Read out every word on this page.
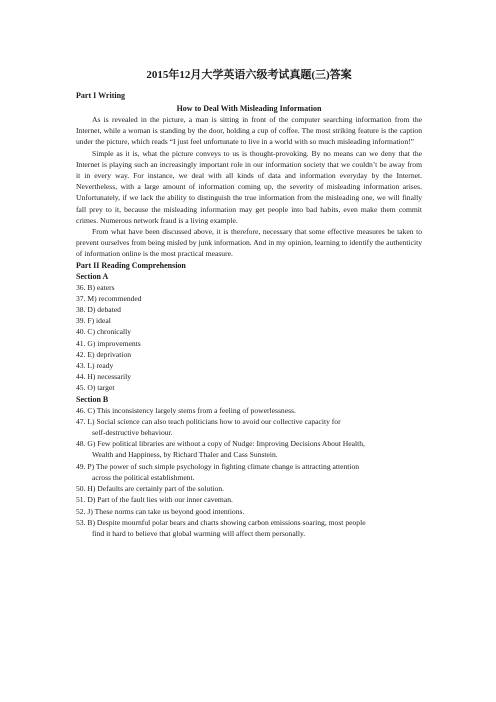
2015年12月大学英语六级考试真题(三)答案
Part I Writing
How to Deal With Misleading Information

As is revealed in the picture, a man is sitting in front of the computer searching information from the Internet, while a woman is standing by the door, holding a cup of coffee. The most striking feature is the caption under the picture, which reads “I just feel unfortunate to live in a world with so much misleading information!”

Simple as it is, what the picture conveys to us is thought-provoking. By no means can we deny that the Internet is playing such an increasingly important role in our information society that we couldn’t be away from it in every way. For instance, we deal with all kinds of data and information everyday by the Internet. Nevertheless, with a large amount of information coming up, the severity of misleading information arises. Unfortunately, if we lack the ability to distinguish the true information from the misleading one, we will finally fall prey to it, because the misleading information may get people into bad habits, even make them commit crimes. Numerous network fraud is a living example.

From what have been discussed above, it is therefore, necessary that some effective measures be taken to prevent ourselves from being misled by junk information. And in my opinion, learning to identify the authenticity of information online is the most practical measure.

Part II Reading Comprehension
Section A
36. B) eaters
37. M) recommended
38. D) debated
39. F) ideal
40. C) chronically
41. G) improvements
42. E) deprivation
43. L) ready
44. H) necessarily
45. O) target
Section B
46. C) This inconsistency largely stems from a feeling of powerlessness.
47. L) Social science can also teach politicians how to avoid our collective capacity for
self-destructive behaviour.
48. G) Few political libraries are without a copy of Nudge: Improving Decisions About Health,
Wealth and Happiness, by Richard Thaler and Cass Sunstein.
49. P) The power of such simple psychology in fighting climate change is attracting attention
across the political establishment.
50. H) Defaults are certainly part of the solution.
51. D) Part of the fault lies with our inner caveman.
52. J) These norms can take us beyond good intentions.
53. B) Despite mournful polar bears and charts showing carbon emissions soaring, most people
find it hard to believe that global warming will affect them personally.
